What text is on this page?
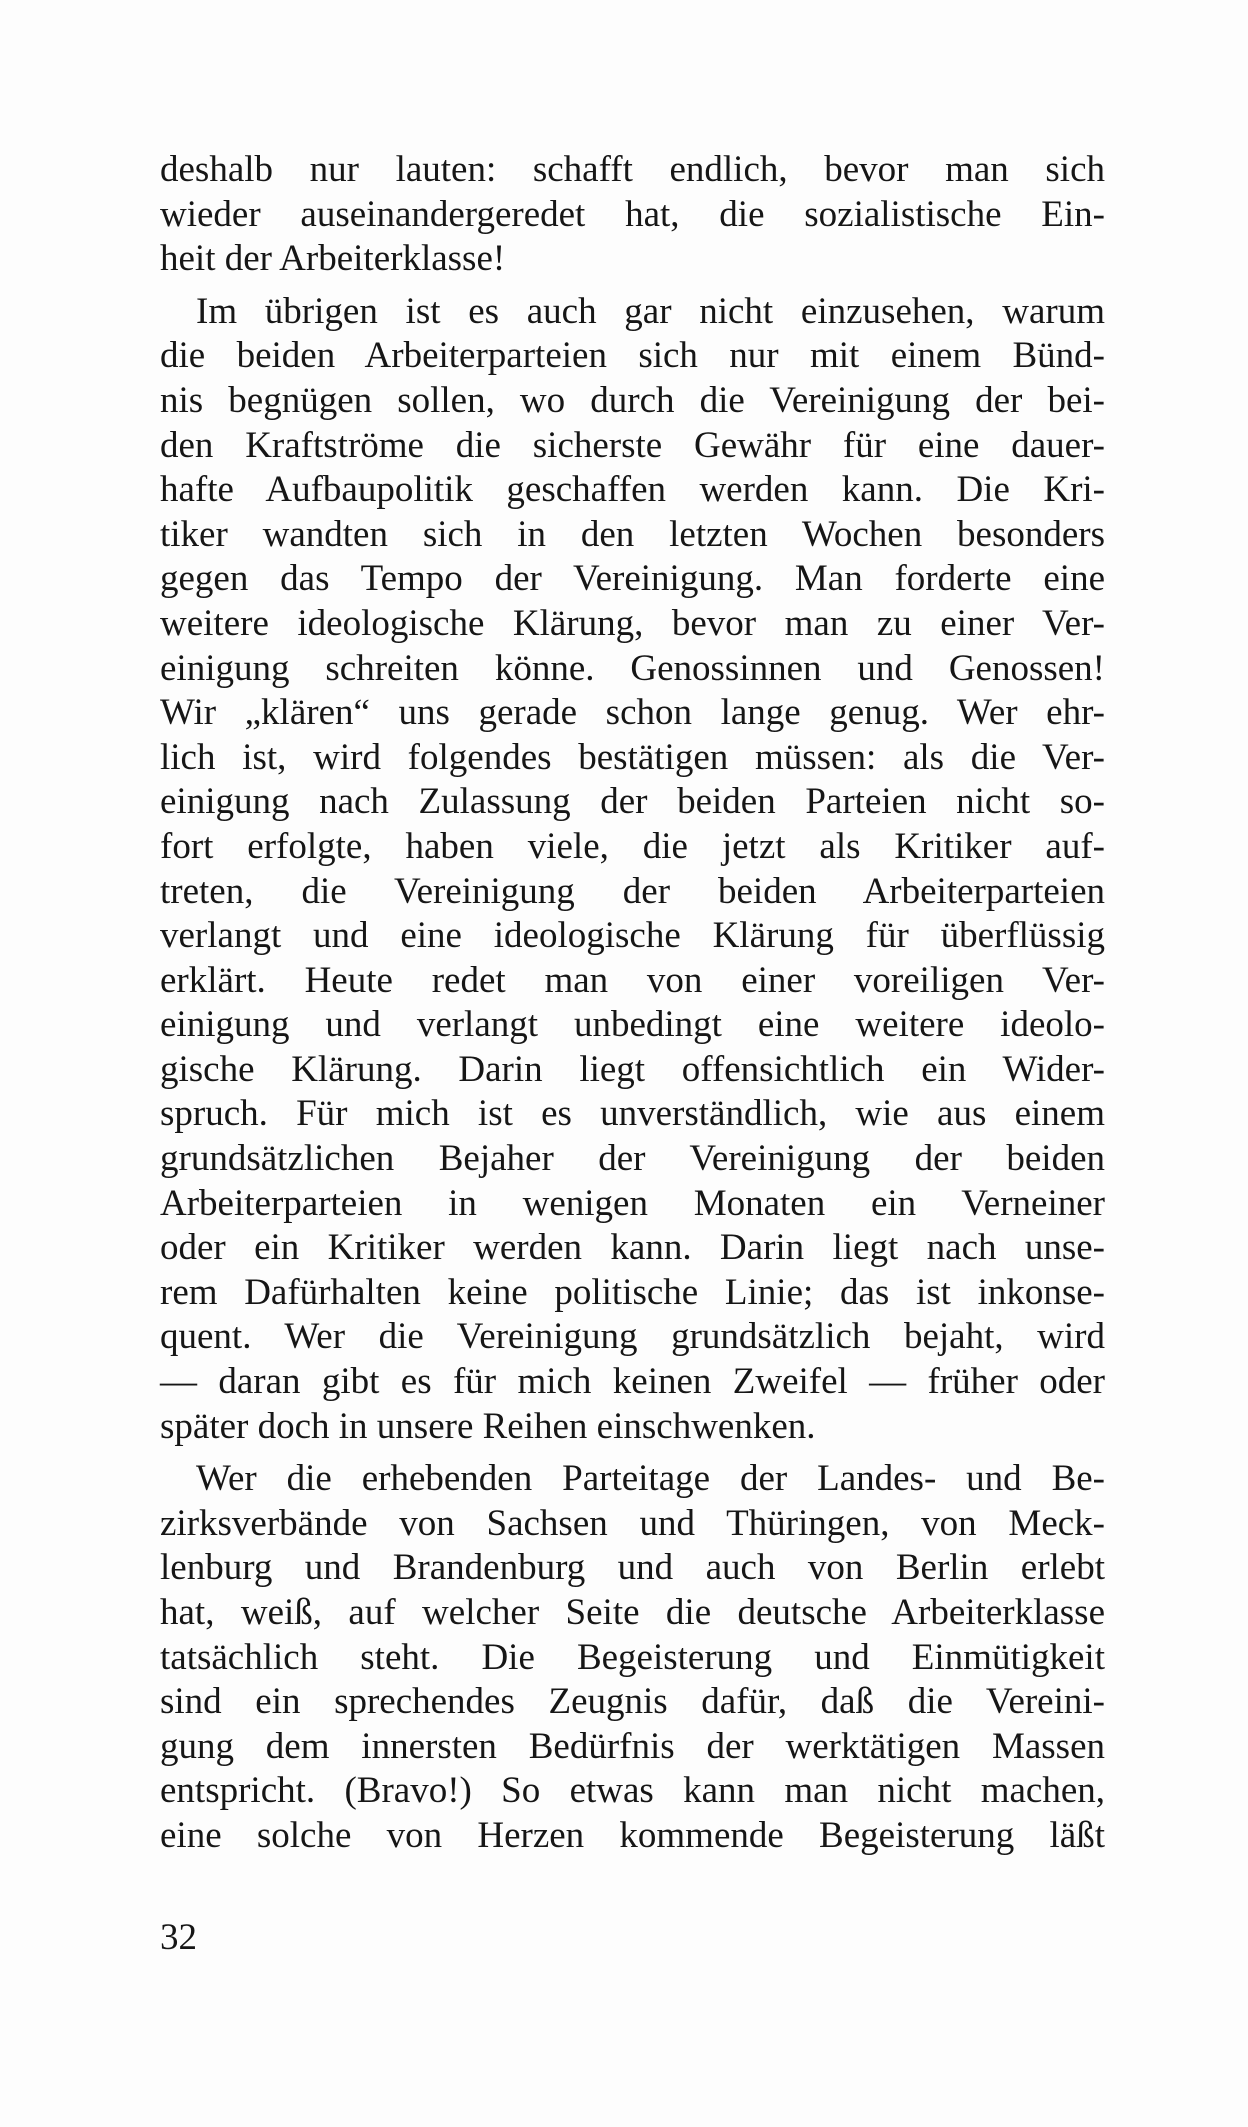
deshalb nur lauten: schafft endlich, bevor man sich
wieder auseinandergeredet hat, die sozialistische Ein-
heit der Arbeiterklasse!
Im übrigen ist es auch gar nicht einzusehen, warum
die beiden Arbeiterparteien sich nur mit einem Bünd-
nis begnügen sollen, wo durch die Vereinigung der bei-
den Kraftströme die sicherste Gewähr für eine dauer-
hafte Aufbaupolitik geschaffen werden kann. Die Kri-
tiker wandten sich in den letzten Wochen besonders
gegen das Tempo der Vereinigung. Man forderte eine
weitere ideologische Klärung, bevor man zu einer Ver-
einigung schreiten könne. Genossinnen und Genossen!
Wir „klären“ uns gerade schon lange genug. Wer ehr-
lich ist, wird folgendes bestätigen müssen: als die Ver-
einigung nach Zulassung der beiden Parteien nicht so-
fort erfolgte, haben viele, die jetzt als Kritiker auf-
treten, die Vereinigung der beiden Arbeiterparteien
verlangt und eine ideologische Klärung für überflüssig
erklärt. Heute redet man von einer voreiligen Ver-
einigung und verlangt unbedingt eine weitere ideolo-
gische Klärung. Darin liegt offensichtlich ein Wider-
spruch. Für mich ist es unverständlich, wie aus einem
grundsätzlichen Bejaher der Vereinigung der beiden
Arbeiterparteien in wenigen Monaten ein Verneiner
oder ein Kritiker werden kann. Darin liegt nach unse-
rem Dafürhalten keine politische Linie; das ist inkonse-
quent. Wer die Vereinigung grundsätzlich bejaht, wird
— daran gibt es für mich keinen Zweifel — früher oder
später doch in unsere Reihen einschwenken.
Wer die erhebenden Parteitage der Landes- und Be-
zirksverbände von Sachsen und Thüringen, von Meck-
lenburg und Brandenburg und auch von Berlin erlebt
hat, weiß, auf welcher Seite die deutsche Arbeiterklasse
tatsächlich steht. Die Begeisterung und Einmütigkeit
sind ein sprechendes Zeugnis dafür, daß die Vereini-
gung dem innersten Bedürfnis der werktätigen Massen
entspricht. (Bravo!) So etwas kann man nicht machen,
eine solche von Herzen kommende Begeisterung läßt
32
